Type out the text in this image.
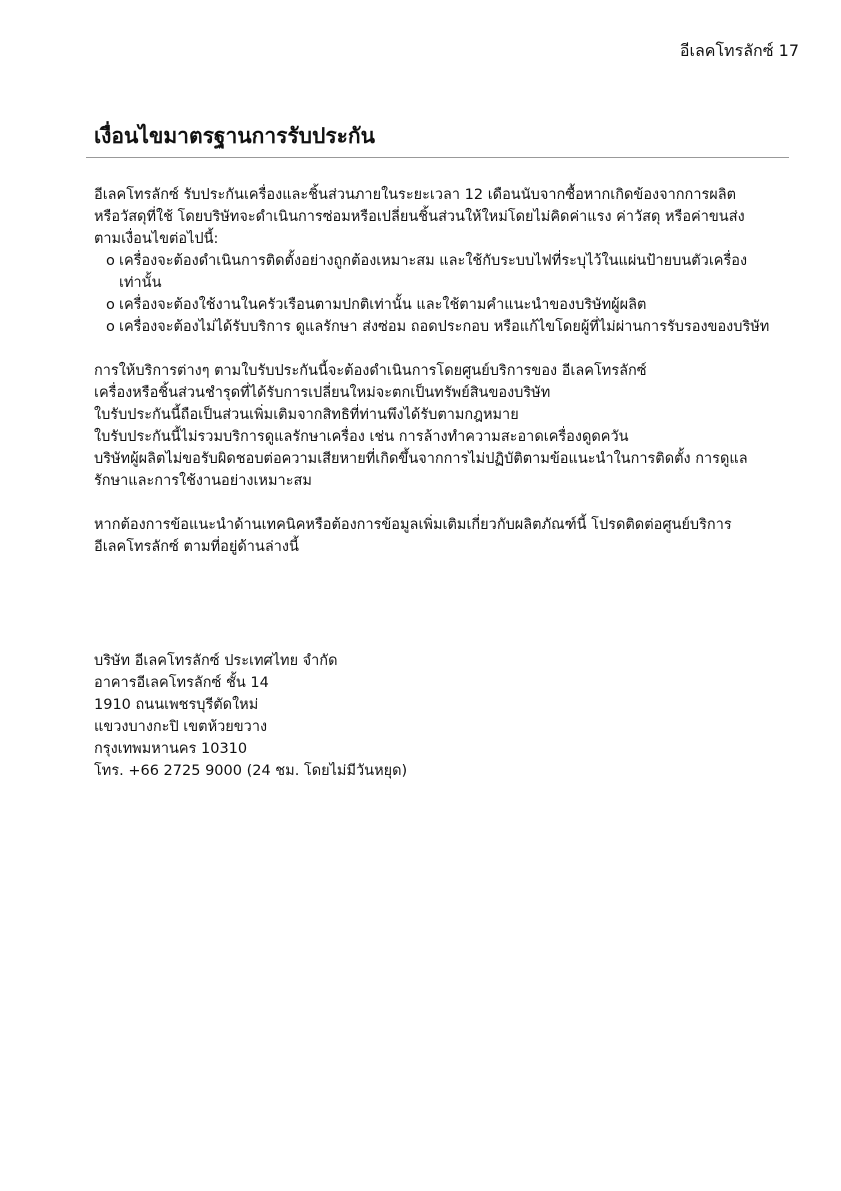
อีเลคโทรลักซ์ 17
เงื่อนไขมาตรฐานการรับประกัน

อีเลคโทรลักซ์ รับประกันเครื่องและชิ้นส่วนภายในระยะเวลา 12 เดือนนับจากซื้อหากเกิดข้องจากการผลิต

หรือวัสดุที่ใช้ โดยบริษัทจะดำเนินการซ่อมหรือเปลี่ยนชิ้นส่วนให้ใหม่โดยไม่คิดค่าแรง ค่าวัสดุ หรือค่าขนส่ง

ตามเงื่อนไขต่อไปนี้:

o เครื่องจะต้องดำเนินการติดตั้งอย่างถูกต้องเหมาะสม และใช้กับระบบไฟที่ระบุไว้ในแผ่นป้ายบนตัวเครื่อง เท่านั้น
o เครื่องจะต้องใช้งานในครัวเรือนตามปกติเท่านั้น และใช้ตามคำแนะนำของบริษัทผู้ผลิต
o เครื่องจะต้องไม่ได้รับบริการ ดูแลรักษา ส่งซ่อม ถอดประกอบ หรือแก้ไขโดยผู้ที่ไม่ผ่านการรับรองของบริษัท

การให้บริการต่างๆ ตามใบรับประกันนี้จะต้องดำเนินการโดยศูนย์บริการของ อีเลคโทรลักซ์

เครื่องหรือชิ้นส่วนชำรุดที่ได้รับการเปลี่ยนใหม่จะตกเป็นทรัพย์สินของบริษัท

ใบรับประกันนี้ถือเป็นส่วนเพิ่มเติมจากสิทธิที่ท่านพึงได้รับตามกฎหมาย

ใบรับประกันนี้ไม่รวมบริการดูแลรักษาเครื่อง เช่น การล้างทำความสะอาดเครื่องดูดควัน

บริษัทผู้ผลิตไม่ขอรับผิดชอบต่อความเสียหายที่เกิดขึ้นจากการไม่ปฏิบัติตามข้อแนะนำในการติดตั้ง การดูแล

รักษาและการใช้งานอย่างเหมาะสม

หากต้องการข้อแนะนำด้านเทคนิคหรือต้องการข้อมูลเพิ่มเติมเกี่ยวกับผลิตภัณฑ์นี้ โปรดติดต่อศูนย์บริการ

อีเลคโทรลักซ์ ตามที่อยู่ด้านล่างนี้

บริษัท อีเลคโทรลักซ์ ประเทศไทย จำกัด
อาคารอีเลคโทรลักซ์ ชั้น 14
1910 ถนนเพชรบุรีตัดใหม่
แขวงบางกะปิ เขตห้วยขวาง
กรุงเทพมหานคร 10310
โทร. +66 2725 9000 (24 ชม. โดยไม่มีวันหยุด)
